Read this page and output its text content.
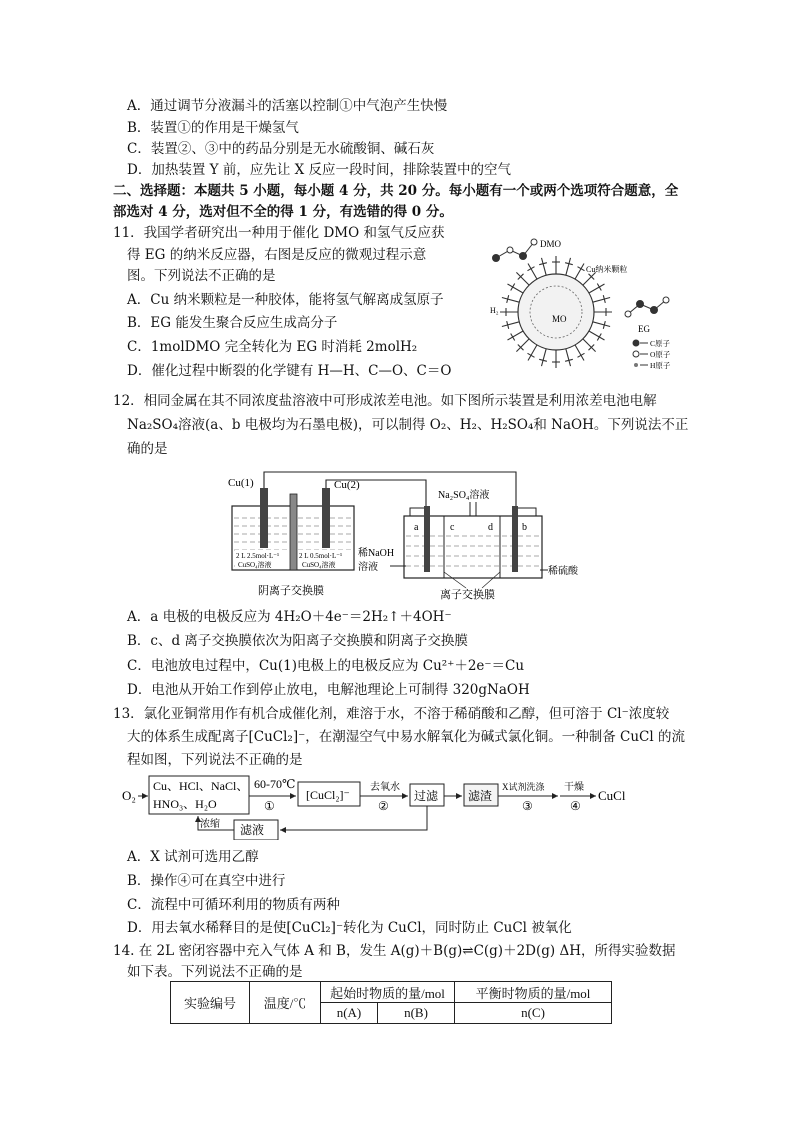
A．通过调节分液漏斗的活塞以控制①中气泡产生快慢
B．装置①的作用是干燥氢气
C．装置②、③中的药品分别是无水硫酸铜、碱石灰
D．加热装置 Y 前，应先让 X 反应一段时间，排除装置中的空气
二、选择题：本题共 5 小题，每小题 4 分，共 20 分。每小题有一个或两个选项符合题意，全
部选对 4 分，选对但不全的得 1 分，有选错的得 0 分。
11．我国学者研究出一种用于催化 DMO 和氢气反应获
得 EG 的纳米反应器，右图是反应的微观过程示意
图。下列说法不正确的是
A．Cu 纳米颗粒是一种胶体，能将氢气解离成氢原子
B．EG 能发生聚合反应生成高分子
C．1molDMO 完全转化为 EG 时消耗 2molH₂
D．催化过程中断裂的化学键有 H—H、C—O、C＝O
DMO
Cu纳米颗粒
H₂
MO
EG
C原子
O原子
H原子
12．相同金属在其不同浓度盐溶液中可形成浓差电池。如下图所示装置是利用浓差电池电解
Na₂SO₄溶液(a、b 电极均为石墨电极)，可以制得 O₂、H₂、H₂SO₄和 NaOH。下列说法不正
确的是
Cu(1)	Cu(2)
2 L 2.5mol·L⁻¹
CuSO₄溶液
2 L 0.5mol·L⁻¹
CuSO₄溶液
阴离子交换膜
Na₂SO₄溶液
a	c	d	b
稀NaOH
溶液	稀硫酸
离子交换膜
A．a 电极的电极反应为 4H₂O＋4e⁻＝2H₂↑＋4OH⁻
B．c、d 离子交换膜依次为阳离子交换膜和阴离子交换膜
C．电池放电过程中，Cu(1)电极上的电极反应为 Cu²⁺＋2e⁻＝Cu
D．电池从开始工作到停止放电，电解池理论上可制得 320gNaOH
13．氯化亚铜常用作有机合成催化剂，难溶于水，不溶于稀硝酸和乙醇，但可溶于 Cl⁻浓度较
大的体系生成配离子[CuCl₂]⁻，在潮湿空气中易水解氧化为碱式氯化铜。一种制备 CuCl 的流
程如图，下列说法不正确的是
O₂
Cu、HCl、NaCl、
HNO₃、H₂O
60-70℃
①
[CuCl₂]⁻
去氧水
②
过滤 滤渣
X试剂洗涤
③
干燥
④
CuCl
滤液
浓缩
A．X 试剂可选用乙醇
B．操作④可在真空中进行
C．流程中可循环利用的物质有两种
D．用去氧水稀释目的是使[CuCl₂]⁻转化为 CuCl，同时防止 CuCl 被氧化
14. 在 2L 密闭容器中充入气体 A 和 B，发生 A(g)＋B(g)⇌C(g)＋2D(g) ΔH，所得实验数据
如下表。下列说法不正确的是
实验编号	温度/℃	起始时物质的量/mol		平衡时物质的量/mol
		n(A)	n(B)	n(C)
